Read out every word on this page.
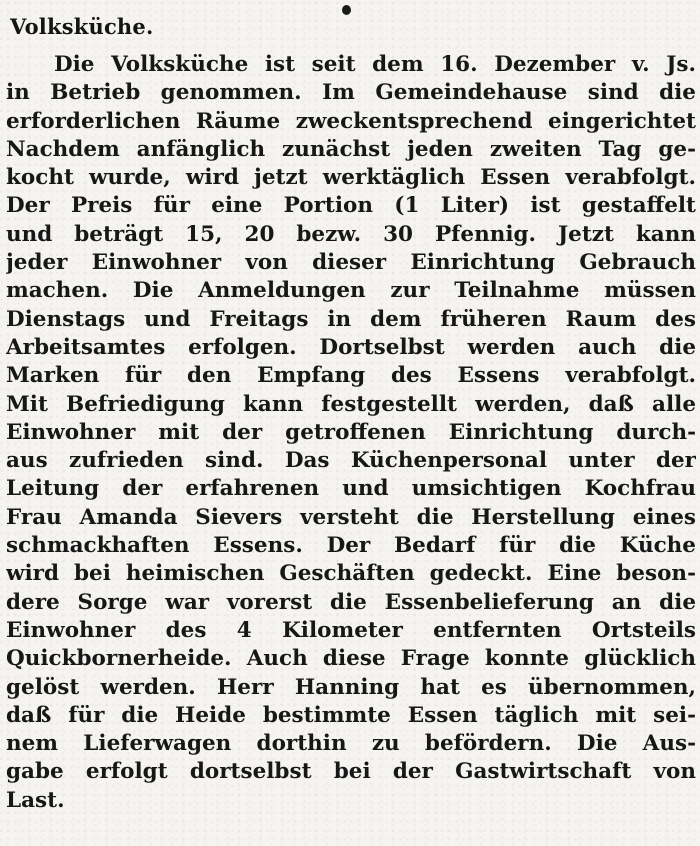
Volksküche.
Die Volksküche ist seit dem 16. Dezember v. Js.
in Betrieb genommen. Im Gemeindehause sind die
erforderlichen Räume zweckentsprechend eingerichtet
Nachdem anfänglich zunächst jeden zweiten Tag ge-
kocht wurde, wird jetzt werktäglich Essen verabfolgt.
Der Preis für eine Portion (1 Liter) ist gestaffelt
und beträgt 15, 20 bezw. 30 Pfennig. Jetzt kann
jeder Einwohner von dieser Einrichtung Gebrauch
machen. Die Anmeldungen zur Teilnahme müssen
Dienstags und Freitags in dem früheren Raum des
Arbeitsamtes erfolgen. Dortselbst werden auch die
Marken für den Empfang des Essens verabfolgt.
Mit Befriedigung kann festgestellt werden, daß alle
Einwohner mit der getroffenen Einrichtung durch-
aus zufrieden sind. Das Küchenpersonal unter der
Leitung der erfahrenen und umsichtigen Kochfrau
Frau Amanda Sievers versteht die Herstellung eines
schmackhaften Essens. Der Bedarf für die Küche
wird bei heimischen Geschäften gedeckt. Eine beson-
dere Sorge war vorerst die Essenbelieferung an die
Einwohner des 4 Kilometer entfernten Ortsteils
Quickbornerheide. Auch diese Frage konnte glücklich
gelöst werden. Herr Hanning hat es übernommen,
daß für die Heide bestimmte Essen täglich mit sei-
nem Lieferwagen dorthin zu befördern. Die Aus-
gabe erfolgt dortselbst bei der Gastwirtschaft von
Last.
